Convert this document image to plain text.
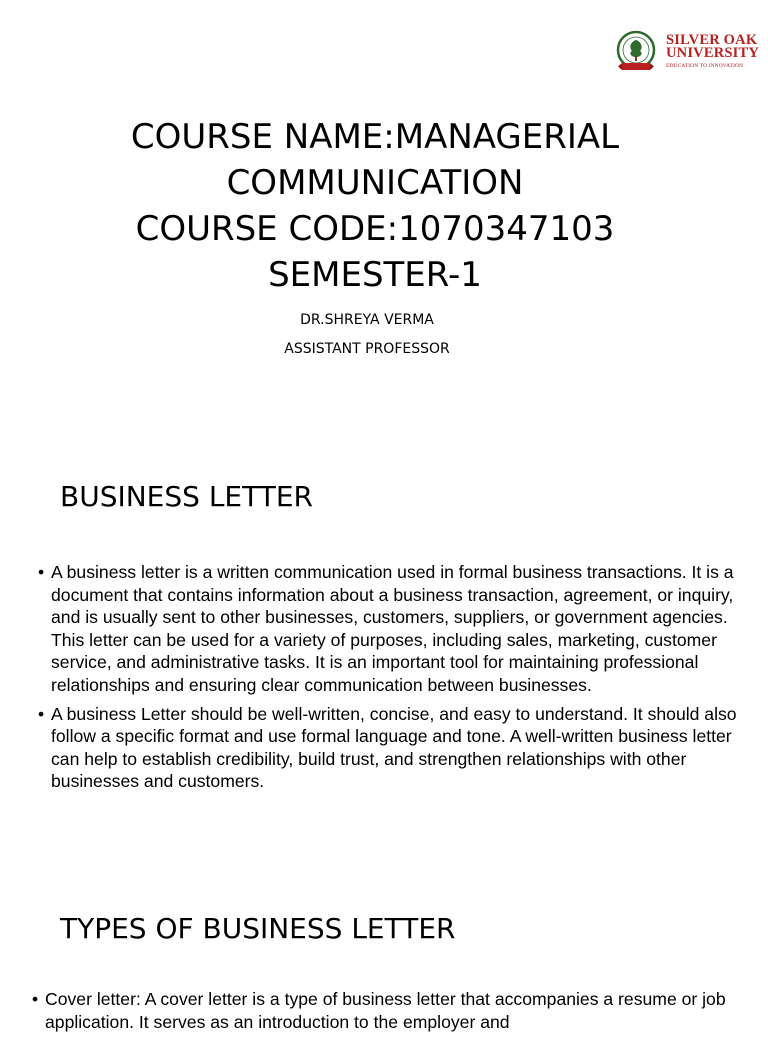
SILVER OAK
UNIVERSITY
EDUCATION TO INNOVATION
COURSE NAME:MANAGERIAL
COMMUNICATION
COURSE CODE:1070347103
SEMESTER-1
DR.SHREYA VERMA
ASSISTANT PROFESSOR
BUSINESS LETTER
• A business letter is a written communication used in formal business transactions. It is a document that contains information about a business transaction, agreement, or inquiry, and is usually sent to other businesses, customers, suppliers, or government agencies. This letter can be used for a variety of purposes, including sales, marketing, customer service, and administrative tasks. It is an important tool for maintaining professional relationships and ensuring clear communication between businesses.
• A business Letter should be well-written, concise, and easy to understand. It should also follow a specific format and use formal language and tone. A well-written business letter can help to establish credibility, build trust, and strengthen relationships with other businesses and customers.
TYPES OF BUSINESS LETTER
• Cover letter: A cover letter is a type of business letter that accompanies a resume or job application. It serves as an introduction to the employer and
